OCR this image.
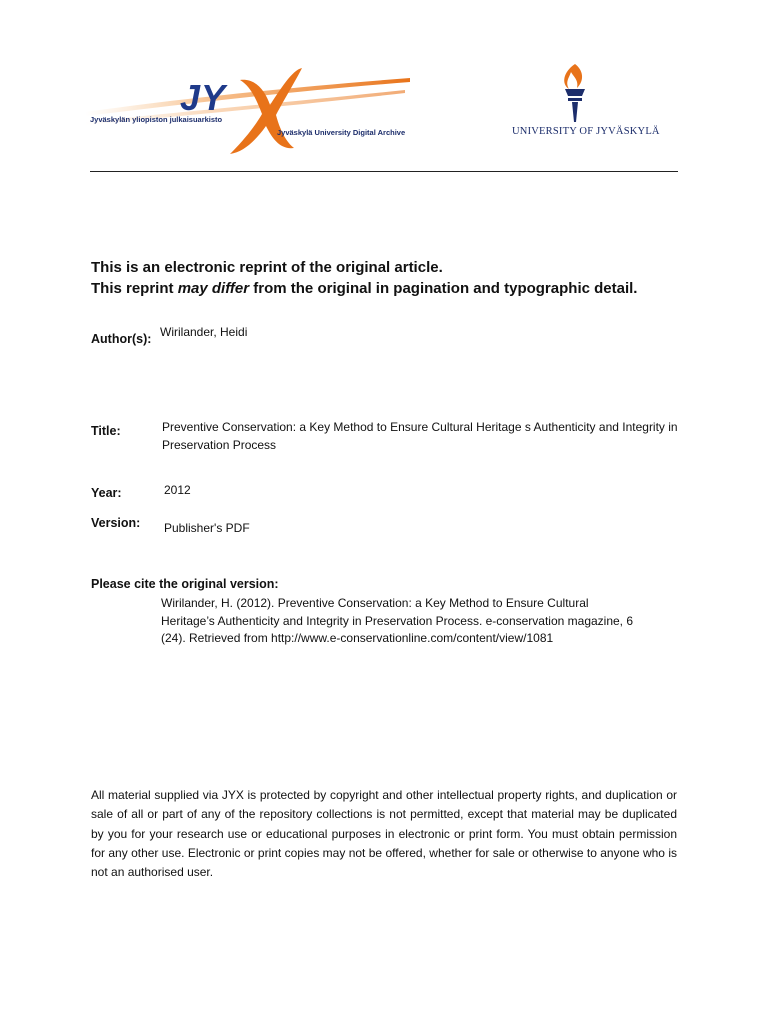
JY
Jyväskylän yliopiston julkaisuarkisto
Jyväskylä University Digital Archive	UNIVERSITY OF JYVÄSKYLÄ
This is an electronic reprint of the original article.
This reprint may differ from the original in pagination and typographic detail.
Author(s): Wirilander, Heidi
Title:	Preventive Conservation: a Key Method to Ensure Cultural Heritage s Authenticity and Integrity in Preservation Process
Year:	2012
Version: Publisher's PDF
Please cite the original version:
Wirilander, H. (2012). Preventive Conservation: a Key Method to Ensure Cultural Heritage’s Authenticity and Integrity in Preservation Process. e-conservation magazine, 6 (24). Retrieved from http://www.e-conservationline.com/content/view/1081
All material supplied via JYX is protected by copyright and other intellectual property rights, and duplication or sale of all or part of any of the repository collections is not permitted, except that material may be duplicated by you for your research use or educational purposes in electronic or print form. You must obtain permission for any other use. Electronic or print copies may not be offered, whether for sale or otherwise to anyone who is not an authorised user.
